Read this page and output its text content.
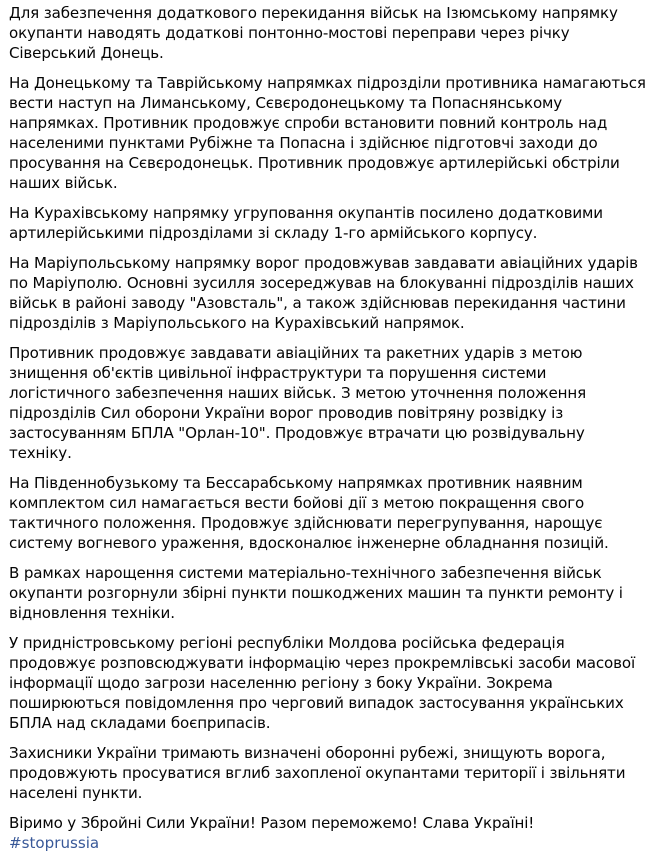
Для забезпечення додаткового перекидання військ на Ізюмському напрямку окупанти наводять додаткові понтонно-мостові переправи через річку Сіверський Донець.

На Донецькому та Таврійському напрямках підрозділи противника намагаються вести наступ на Лиманському, Сєвєродонецькому та Попаснянському напрямках. Противник продовжує спроби встановити повний контроль над населеними пунктами Рубіжне та Попасна і здійснює підготовчі заходи до просування на Сєвєродонецьк. Противник продовжує артилерійські обстріли наших військ.

На Курахівському напрямку угруповання окупантів посилено додатковими артилерійськими підрозділами зі складу 1-го армійського корпусу.

На Маріупольському напрямку ворог продовжував завдавати авіаційних ударів по Маріуполю. Основні зусилля зосереджував на блокуванні підрозділів наших військ в районі заводу "Азовсталь", а також здійснював перекидання частини підрозділів з Маріупольського на Курахівський напрямок.

Противник продовжує завдавати авіаційних та ракетних ударів з метою знищення об'єктів цивільної інфраструктури та порушення системи логістичного забезпечення наших військ. З метою уточнення положення підрозділів Сил оборони України ворог проводив повітряну розвідку із застосуванням БПЛА "Орлан-10". Продовжує втрачати цю розвідувальну техніку.

На Південнобузькому та Бессарабському напрямках противник наявним комплектом сил намагається вести бойові дії з метою покращення свого тактичного положення. Продовжує здійснювати перегрупування, нарощує систему вогневого ураження, вдосконалює інженерне обладнання позицій.

В рамках нарощення системи матеріально-технічного забезпечення військ окупанти розгорнули збірні пункти пошкоджених машин та пункти ремонту і відновлення техніки.

У придністровському регіоні республіки Молдова російська федерація продовжує розповсюджувати інформацію через прокремлівські засоби масової інформації щодо загрози населенню регіону з боку України. Зокрема поширюються повідомлення про черговий випадок застосування українських БПЛА над складами боєприпасів.

Захисники України тримають визначені оборонні рубежі, знищують ворога, продовжують просуватися вглиб захопленої окупантами території і звільняти населені пункти.

Віримо у Збройні Сили України! Разом переможемо! Слава Україні!

#stoprussia
